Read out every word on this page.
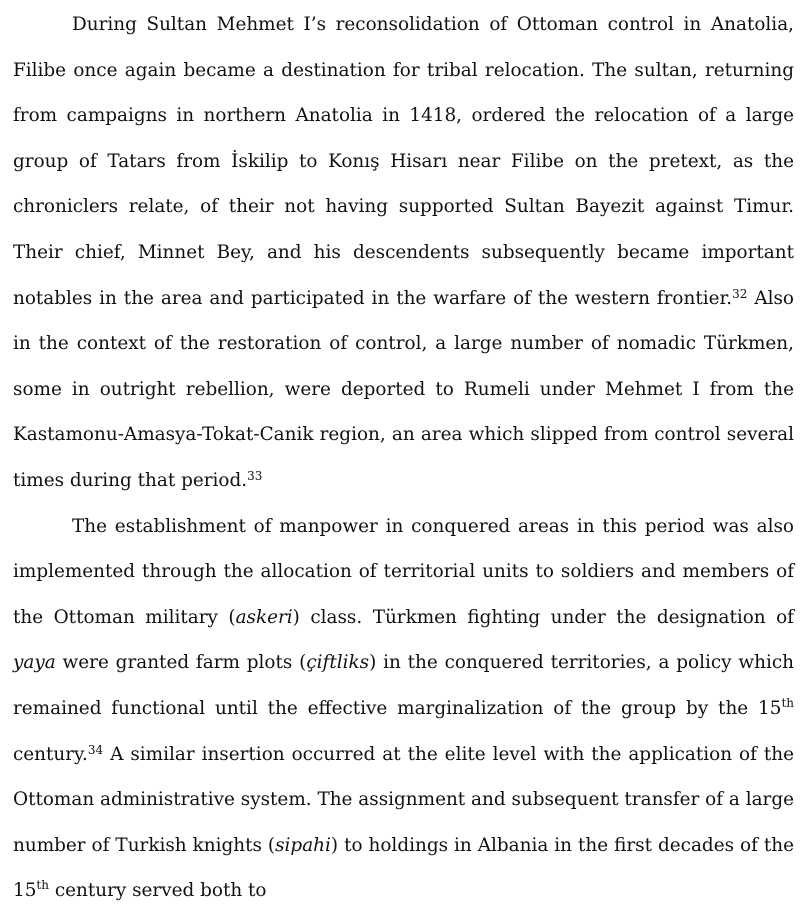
During Sultan Mehmet I’s reconsolidation of Ottoman control in Anatolia, Filibe once again became a destination for tribal relocation. The sultan, returning from campaigns in northern Anatolia in 1418, ordered the relocation of a large group of Tatars from İskilip to Konış Hisarı near Filibe on the pretext, as the chroniclers relate, of their not having supported Sultan Bayezit against Timur. Their chief, Minnet Bey, and his descendents subsequently became important notables in the area and participated in the warfare of the western frontier.$^{32}$ Also in the context of the restoration of control, a large number of nomadic Türkmen, some in outright rebellion, were deported to Rumeli under Mehmet I from the Kastamonu-Amasya-Tokat-Canik region, an area which slipped from control several times during that period.$^{33}$

The establishment of manpower in conquered areas in this period was also implemented through the allocation of territorial units to soldiers and members of the Ottoman military (askeri) class. Türkmen fighting under the designation of yaya were granted farm plots (çiftliks) in the conquered territories, a policy which remained functional until the effective marginalization of the group by the 15th century.$^{34}$ A similar insertion occurred at the elite level with the application of the Ottoman administrative system. The assignment and subsequent transfer of a large number of Turkish knights (sipahi) to holdings in Albania in the first decades of the 15th century served both to
